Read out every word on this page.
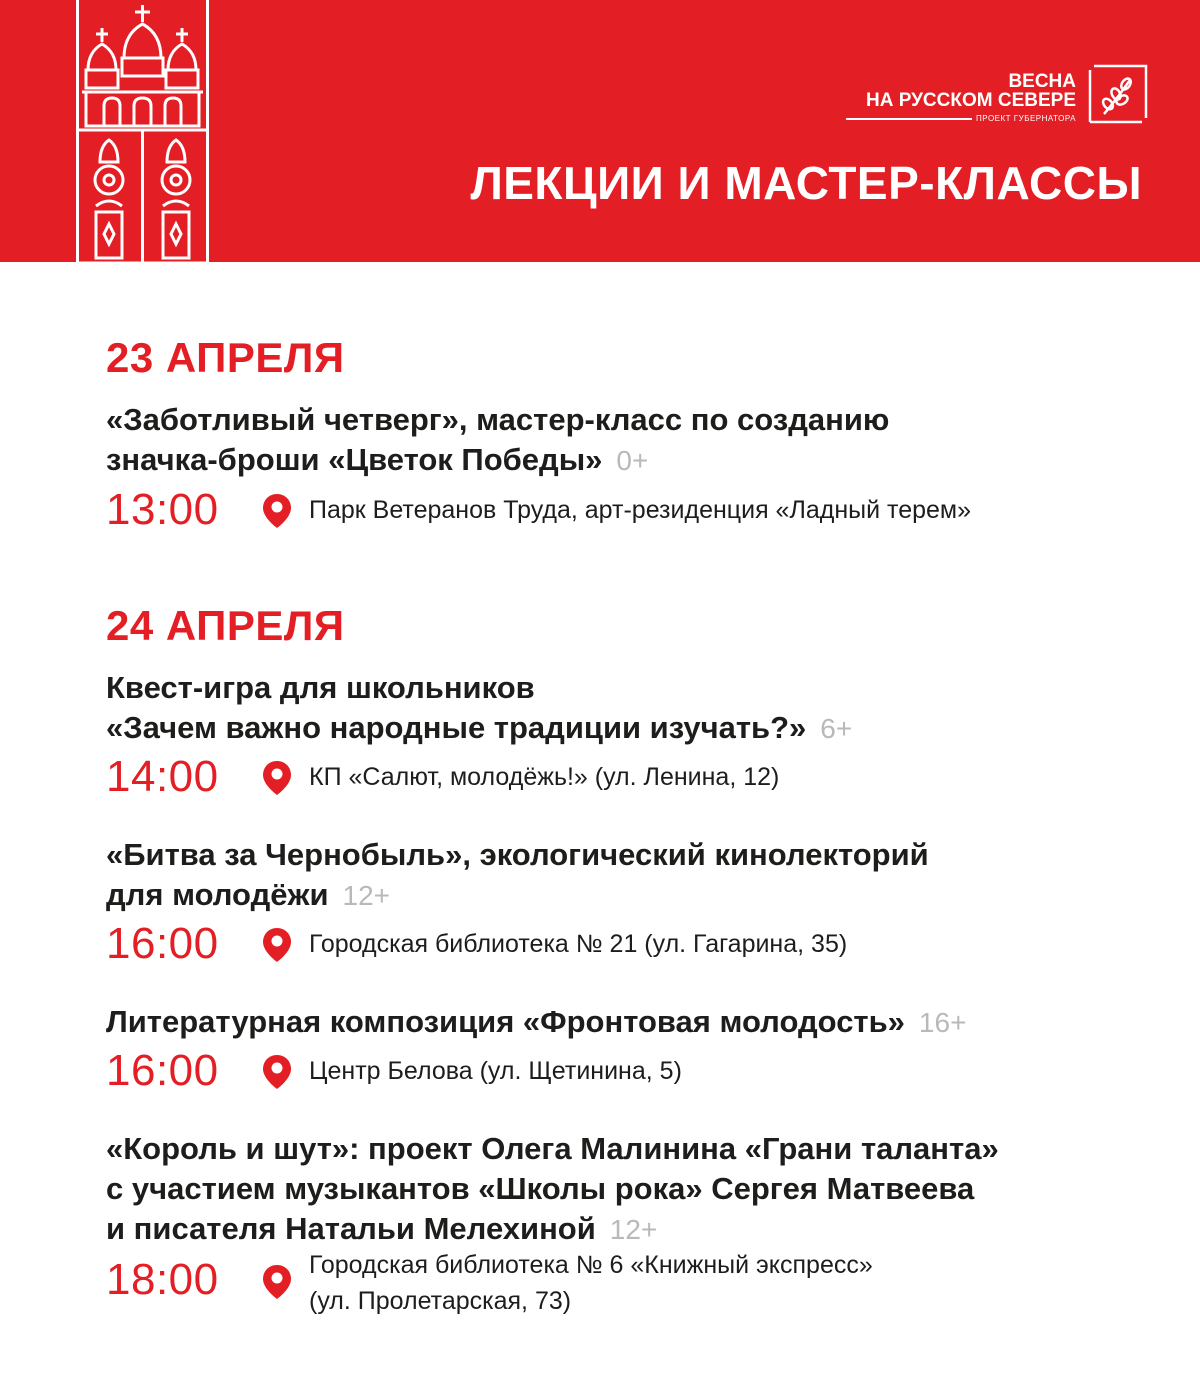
ВЕСНА
НА РУССКОМ СЕВЕРЕ
ПРОЕКТ ГУБЕРНАТОРА
ЛЕКЦИИ И МАСТЕР-КЛАССЫ
23 АПРЕЛЯ
«Заботливый четверг», мастер-класс по созданию
значка-броши «Цветок Победы» 0+
13:00	Парк Ветеранов Труда, арт-резиденция «Ладный терем»
24 АПРЕЛЯ
Квест-игра для школьников
«Зачем важно народные традиции изучать?» 6+
14:00	КП «Салют, молодёжь!» (ул. Ленина, 12)
«Битва за Чернобыль», экологический кинолекторий
для молодёжи 12+
16:00	Городская библиотека № 21 (ул. Гагарина, 35)
Литературная композиция «Фронтовая молодость» 16+
16:00	Центр Белова (ул. Щетинина, 5)
«Король и шут»: проект Олега Малинина «Грани таланта»
с участием музыкантов «Школы рока» Сергея Матвеева
и писателя Натальи Мелехиной 12+
18:00	Городская библиотека № 6 «Книжный экспресс»
(ул. Пролетарская, 73)
